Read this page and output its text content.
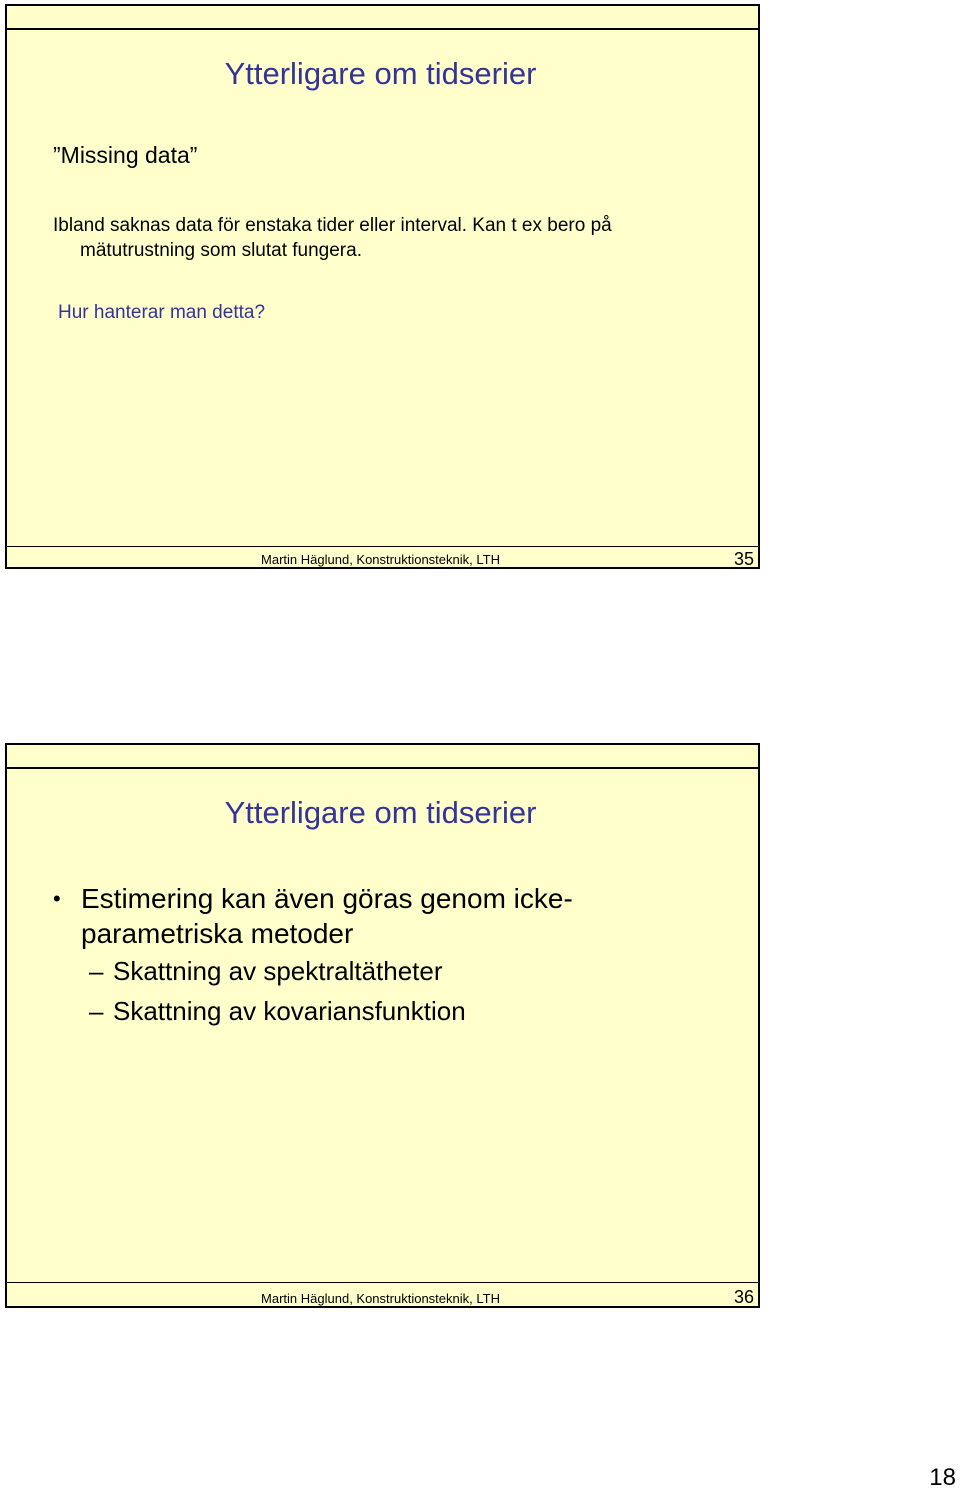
Ytterligare om tidserier
”Missing data”
Ibland saknas data för enstaka tider eller interval. Kan t ex bero på mätutrustning som slutat fungera.
Hur hanterar man detta?
Martin Häglund, Konstruktionsteknik, LTH	35
Ytterligare om tidserier
• Estimering kan även göras genom icke-
parametriska metoder
– Skattning av spektraltätheter
– Skattning av kovariansfunktion
Martin Häglund, Konstruktionsteknik, LTH	36
18
